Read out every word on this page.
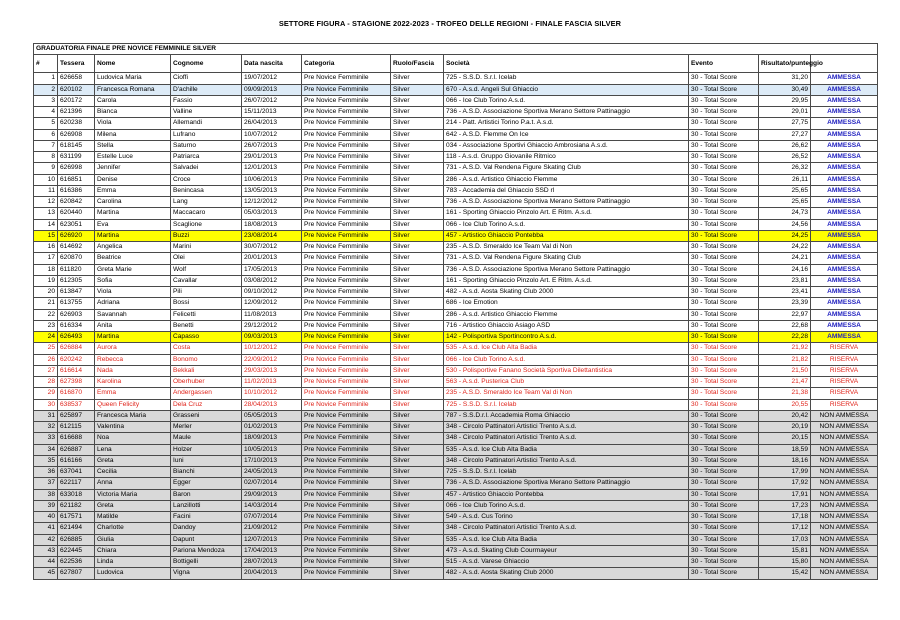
SETTORE FIGURA - STAGIONE 2022-2023 - TROFEO DELLE REGIONI - FINALE FASCIA SILVER
GRADUATORIA FINALE PRE NOVICE FEMMINILE SILVER										
#	Tessera	Nome	Cognome	Data nascita	Categoria	Ruolo/Fascia	Società	Evento	Risultato/punteggio	
1	626658	Ludovica Maria	Cioffi	19/07/2012	Pre Novice Femminile	Silver	725 - S.S.D. S.r.l. Icelab	30 - Total Score	31,20	AMMESSA
2	620102	Francesca Romana	D'achille	09/09/2013	Pre Novice Femminile	Silver	670 - A.s.d. Angeli Sul Ghiaccio	30 - Total Score	30,49	AMMESSA
3	620172	Carola	Fassio	26/07/2012	Pre Novice Femminile	Silver	066 - Ice Club Torino A.s.d.	30 - Total Score	29,95	AMMESSA
4	621396	Bianca	Valline	15/11/2013	Pre Novice Femminile	Silver	736 - A.S.D. Associazione Sportiva Merano Settore Pattinaggio	30 - Total Score	29,01	AMMESSA
5	620238	Viola	Allemandi	26/04/2013	Pre Novice Femminile	Silver	214 - Patt. Artistici Torino P.a.t. A.s.d.	30 - Total Score	27,75	AMMESSA
6	626908	Milena	Lufrano	10/07/2012	Pre Novice Femminile	Silver	642 - A.S.D. Flemme On Ice	30 - Total Score	27,27	AMMESSA
7	618145	Stella	Saturno	26/07/2013	Pre Novice Femminile	Silver	034 - Associazione Sportivi Ghiaccio Ambrosiana A.s.d.	30 - Total Score	26,62	AMMESSA
8	631199	Estelle Luce	Patriarca	29/01/2013	Pre Novice Femminile	Silver	118 - A.s.d. Gruppo Giovanile Ritmico	30 - Total Score	26,52	AMMESSA
9	626998	Jennifer	Salvadei	12/01/2013	Pre Novice Femminile	Silver	731 - A.S.D. Val Rendena Figure Skating Club	30 - Total Score	26,32	AMMESSA
10	616851	Denise	Croce	10/06/2013	Pre Novice Femminile	Silver	286 - A.s.d. Artistico Ghiaccio Flemme	30 - Total Score	26,11	AMMESSA
11	616386	Emma	Benincasa	13/05/2013	Pre Novice Femminile	Silver	783 - Accademia del Ghiaccio SSD rl	30 - Total Score	25,65	AMMESSA
12	620842	Carolina	Lang	12/12/2012	Pre Novice Femminile	Silver	736 - A.S.D. Associazione Sportiva Merano Settore Pattinaggio	30 - Total Score	25,65	AMMESSA
13	620440	Martina	Maccacaro	05/03/2013	Pre Novice Femminile	Silver	161 - Sporting Ghiaccio Pinzolo Art. E Ritm. A.s.d.	30 - Total Score	24,73	AMMESSA
14	623051	Eva	Scaglione	18/08/2013	Pre Novice Femminile	Silver	066 - Ice Club Torino A.s.d.	30 - Total Score	24,56	AMMESSA
15	626920	Martina	Buzzi	23/08/2014	Pre Novice Femminile	Silver	457 - Artistico Ghiaccio Pontebba	30 - Total Score	24,25	AMMESSA
16	614692	Angelica	Marini	30/07/2012	Pre Novice Femminile	Silver	235 - A.S.D. Smeraldo Ice Team Val di Non	30 - Total Score	24,22	AMMESSA
17	620870	Beatrice	Olei	20/01/2013	Pre Novice Femminile	Silver	731 - A.S.D. Val Rendena Figure Skating Club	30 - Total Score	24,21	AMMESSA
18	611820	Greta Marie	Wolf	17/05/2013	Pre Novice Femminile	Silver	736 - A.S.D. Associazione Sportiva Merano Settore Pattinaggio	30 - Total Score	24,16	AMMESSA
19	612305	Sofia	Cavallar	03/08/2012	Pre Novice Femminile	Silver	161 - Sporting Ghiaccio Pinzolo Art. E Ritm. A.s.d.	30 - Total Score	23,81	AMMESSA
20	613847	Viola	Pili	09/10/2012	Pre Novice Femminile	Silver	482 - A.s.d. Aosta Skating Club 2000	30 - Total Score	23,41	AMMESSA
21	613755	Adriana	Bossi	12/09/2012	Pre Novice Femminile	Silver	686 - Ice Emotion	30 - Total Score	23,39	AMMESSA
22	626903	Savannah	Felicetti	11/08/2013	Pre Novice Femminile	Silver	286 - A.s.d. Artistico Ghiaccio Flemme	30 - Total Score	22,97	AMMESSA
23	616334	Anita	Benetti	29/12/2012	Pre Novice Femminile	Silver	716 - Artistico Ghiaccio Asiago ASD	30 - Total Score	22,68	AMMESSA
24	626493	Martina	Capasso	09/03/2013	Pre Novice Femminile	Silver	142 - Polisportiva Sportincontro A.s.d.	30 - Total Score	22,28	AMMESSA
25	626884	Aurora	Costa	10/12/2012	Pre Novice Femminile	Silver	535 - A.s.d. Ice Club Alta Badia	30 - Total Score	21,92	RISERVA
26	620242	Rebecca	Bonomo	22/09/2012	Pre Novice Femminile	Silver	066 - Ice Club Torino A.s.d.	30 - Total Score	21,82	RISERVA
27	616614	Nada	Bekkali	29/03/2013	Pre Novice Femminile	Silver	530 - Polisportive Fanano Società Sportiva Dilettantistica	30 - Total Score	21,50	RISERVA
28	627398	Karolina	Oberhuber	11/02/2013	Pre Novice Femminile	Silver	563 - A.s.d. Pusterica Club	30 - Total Score	21,47	RISERVA
29	616870	Emma	Andergassen	10/10/2012	Pre Novice Femminile	Silver	235 - A.S.D. Smeraldo Ice Team Val di Non	30 - Total Score	21,38	RISERVA
30	638537	Queen Felicity	Dela Cruz	28/04/2013	Pre Novice Femminile	Silver	725 - S.S.D. S.r.l. Icelab	30 - Total Score	20,55	RISERVA
31	625897	Francesca Maria	Grasseni	05/05/2013	Pre Novice Femminile	Silver	787 - S.S.D.r.l. Accademia Roma Ghiaccio	30 - Total Score	20,42	NON AMMESSA
32	612115	Valentina	Merler	01/02/2013	Pre Novice Femminile	Silver	348 - Circolo Pattinatori Artistici Trento A.s.d.	30 - Total Score	20,19	NON AMMESSA
33	616688	Noa	Maule	18/09/2013	Pre Novice Femminile	Silver	348 - Circolo Pattinatori Artistici Trento A.s.d.	30 - Total Score	20,15	NON AMMESSA
34	626887	Lena	Holzer	10/05/2013	Pre Novice Femminile	Silver	535 - A.s.d. Ice Club Alta Badia	30 - Total Score	18,59	NON AMMESSA
35	616166	Greta	Iuni	17/10/2013	Pre Novice Femminile	Silver	348 - Circolo Pattinatori Artistici Trento A.s.d.	30 - Total Score	18,16	NON AMMESSA
36	637041	Cecilia	Bianchi	24/05/2013	Pre Novice Femminile	Silver	725 - S.S.D. S.r.l. Icelab	30 - Total Score	17,99	NON AMMESSA
37	622117	Anna	Egger	02/07/2014	Pre Novice Femminile	Silver	736 - A.S.D. Associazione Sportiva Merano Settore Pattinaggio	30 - Total Score	17,92	NON AMMESSA
38	633018	Victoria Maria	Baron	29/09/2013	Pre Novice Femminile	Silver	457 - Artistico Ghiaccio Pontebba	30 - Total Score	17,91	NON AMMESSA
39	621182	Greta	Lanzillotti	14/03/2014	Pre Novice Femminile	Silver	066 - Ice Club Torino A.s.d.	30 - Total Score	17,23	NON AMMESSA
40	617571	Matilde	Facini	07/07/2014	Pre Novice Femminile	Silver	549 - A.s.d. Cus Torino	30 - Total Score	17,18	NON AMMESSA
41	621494	Charlotte	Dandoy	21/09/2012	Pre Novice Femminile	Silver	348 - Circolo Pattinatori Artistici Trento A.s.d.	30 - Total Score	17,12	NON AMMESSA
42	626885	Giulia	Dapunt	12/07/2013	Pre Novice Femminile	Silver	535 - A.s.d. Ice Club Alta Badia	30 - Total Score	17,03	NON AMMESSA
43	622445	Chiara	Pariona Mendoza	17/04/2013	Pre Novice Femminile	Silver	473 - A.s.d. Skating Club Courmayeur	30 - Total Score	15,81	NON AMMESSA
44	622536	Linda	Bottigelli	28/07/2013	Pre Novice Femminile	Silver	515 - A.s.d. Varese Ghiaccio	30 - Total Score	15,80	NON AMMESSA
45	627807	Ludovica	Vigna	20/04/2013	Pre Novice Femminile	Silver	482 - A.s.d. Aosta Skating Club 2000	30 - Total Score	15,42	NON AMMESSA
